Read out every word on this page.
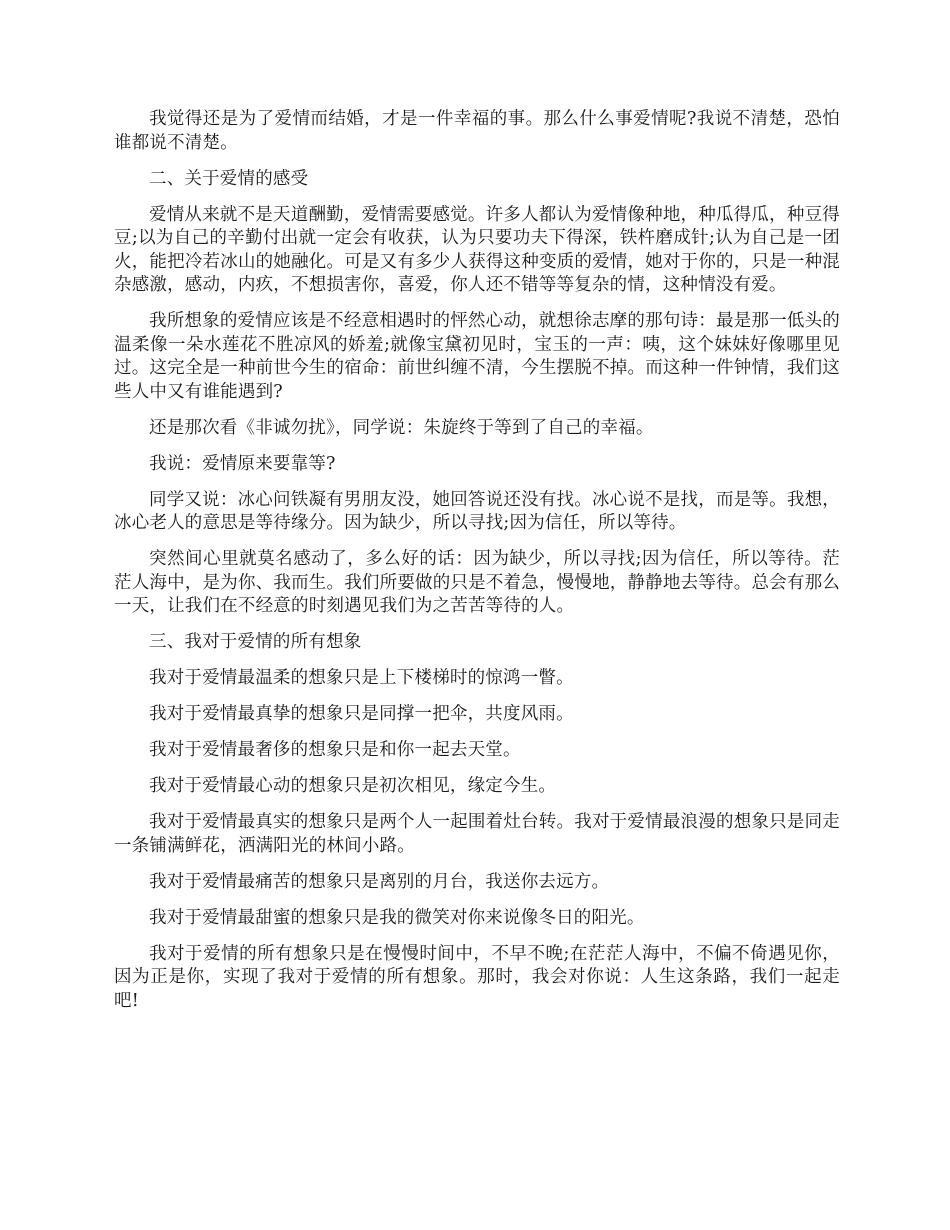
我觉得还是为了爱情而结婚，才是一件幸福的事。那么什么事爱情呢?我说不清楚，恐怕谁都说不清楚。

二、关于爱情的感受

爱情从来就不是天道酬勤，爱情需要感觉。许多人都认为爱情像种地，种瓜得瓜，种豆得豆;以为自己的辛勤付出就一定会有收获，认为只要功夫下得深，铁杵磨成针;认为自己是一团火，能把冷若冰山的她融化。可是又有多少人获得这种变质的爱情，她对于你的，只是一种混杂感激，感动，内疚，不想损害你，喜爱，你人还不错等等复杂的情，这种情没有爱。

我所想象的爱情应该是不经意相遇时的怦然心动，就想徐志摩的那句诗：最是那一低头的温柔像一朵水莲花不胜凉风的娇羞;就像宝黛初见时，宝玉的一声：咦，这个妹妹好像哪里见过。这完全是一种前世今生的宿命：前世纠缠不清，今生摆脱不掉。而这种一件钟情，我们这些人中又有谁能遇到?

还是那次看《非诚勿扰》，同学说：朱旋终于等到了自己的幸福。

我说：爱情原来要靠等?

同学又说：冰心问铁凝有男朋友没，她回答说还没有找。冰心说不是找，而是等。我想，冰心老人的意思是等待缘分。因为缺少，所以寻找;因为信任，所以等待。

突然间心里就莫名感动了，多么好的话：因为缺少，所以寻找;因为信任，所以等待。茫茫人海中，是为你、我而生。我们所要做的只是不着急，慢慢地，静静地去等待。总会有那么一天，让我们在不经意的时刻遇见我们为之苦苦等待的人。

三、我对于爱情的所有想象

我对于爱情最温柔的想象只是上下楼梯时的惊鸿一瞥。

我对于爱情最真挚的想象只是同撑一把伞，共度风雨。

我对于爱情最奢侈的想象只是和你一起去天堂。

我对于爱情最心动的想象只是初次相见，缘定今生。

我对于爱情最真实的想象只是两个人一起围着灶台转。我对于爱情最浪漫的想象只是同走一条铺满鲜花，洒满阳光的林间小路。

我对于爱情最痛苦的想象只是离别的月台，我送你去远方。

我对于爱情最甜蜜的想象只是我的微笑对你来说像冬日的阳光。

我对于爱情的所有想象只是在慢慢时间中，不早不晚;在茫茫人海中，不偏不倚遇见你，因为正是你，实现了我对于爱情的所有想象。那时，我会对你说：人生这条路，我们一起走吧!
